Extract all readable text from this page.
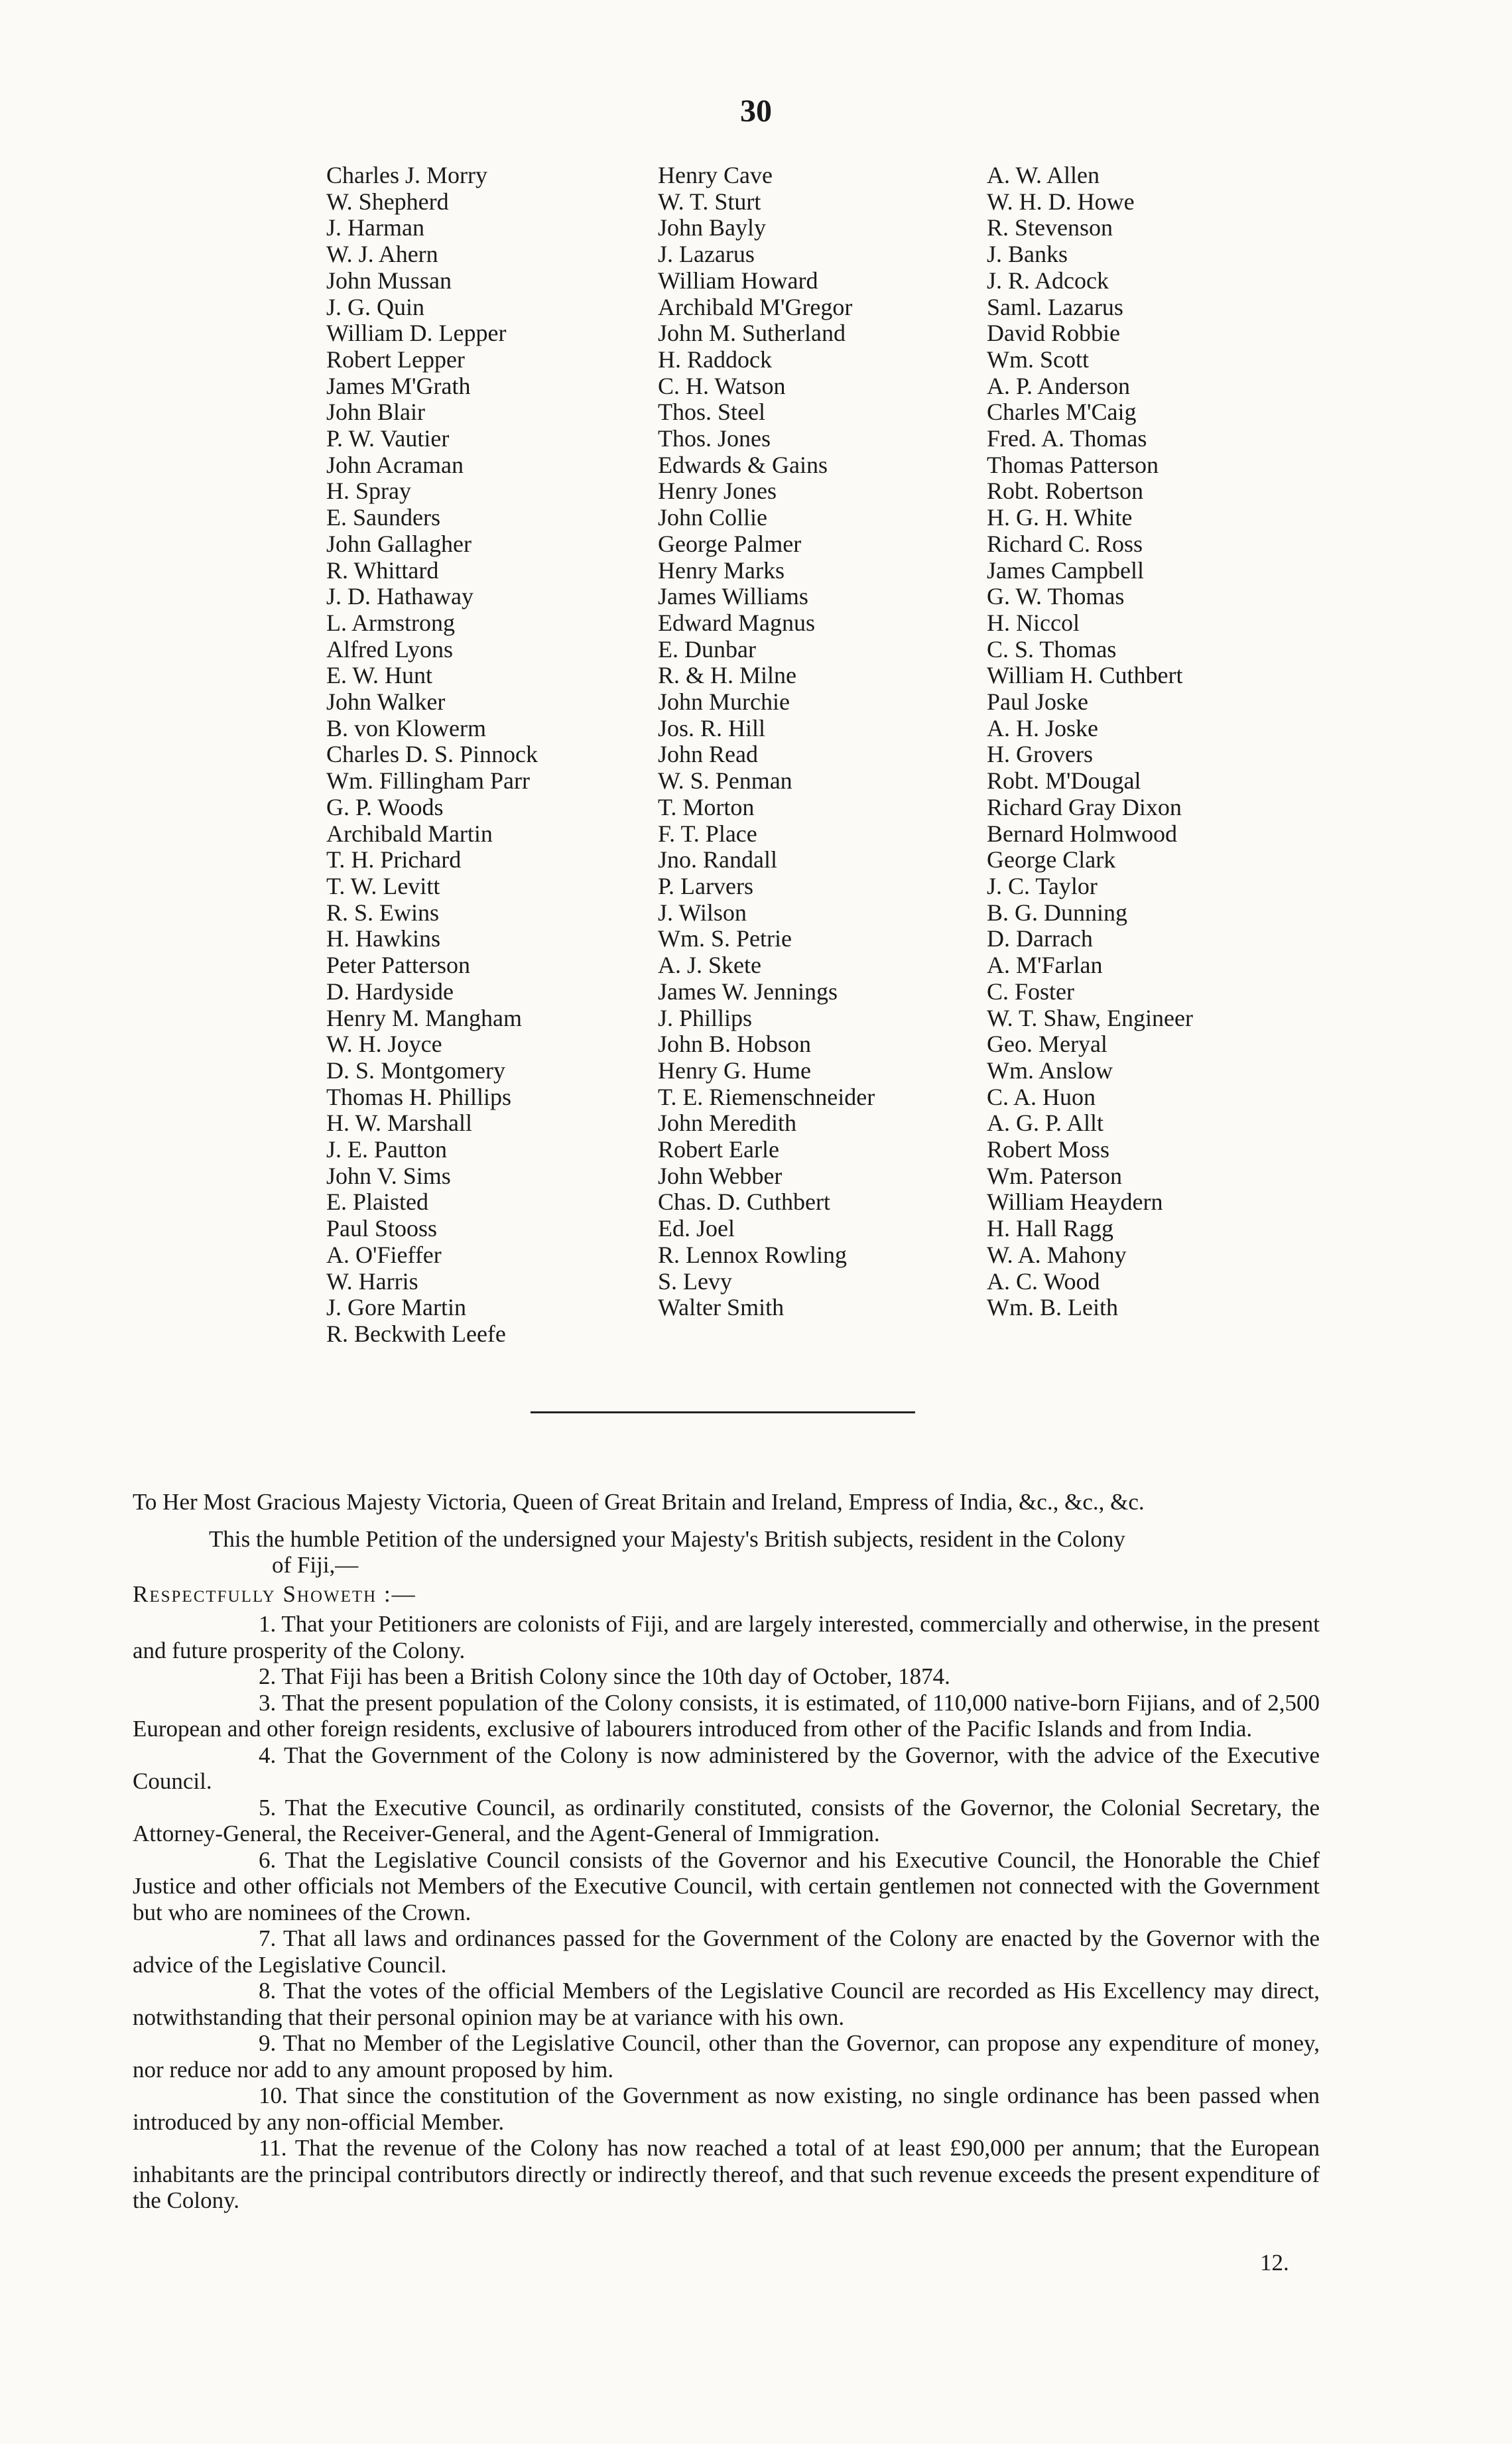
30
Charles J. Morry
W. Shepherd
J. Harman
W. J. Ahern
John Mussan
J. G. Quin
William D. Lepper
Robert Lepper
James M'Grath
John Blair
P. W. Vautier
John Acraman
H. Spray
E. Saunders
John Gallagher
R. Whittard
J. D. Hathaway
L. Armstrong
Alfred Lyons
E. W. Hunt
John Walker
B. von Klowerm
Charles D. S. Pinnock
Wm. Fillingham Parr
G. P. Woods
Archibald Martin
T. H. Prichard
T. W. Levitt
R. S. Ewins
H. Hawkins
Peter Patterson
D. Hardyside
Henry M. Mangham
W. H. Joyce
D. S. Montgomery
Thomas H. Phillips
H. W. Marshall
J. E. Pautton
John V. Sims
E. Plaisted
Paul Stooss
A. O'Fieffer
W. Harris
J. Gore Martin
R. Beckwith Leefe
Henry Cave
W. T. Sturt
John Bayly
J. Lazarus
William Howard
Archibald M'Gregor
John M. Sutherland
H. Raddock
C. H. Watson
Thos. Steel
Thos. Jones
Edwards & Gains
Henry Jones
John Collie
George Palmer
Henry Marks
James Williams
Edward Magnus
E. Dunbar
R. & H. Milne
John Murchie
Jos. R. Hill
John Read
W. S. Penman
T. Morton
F. T. Place
Jno. Randall
P. Larvers
J. Wilson
Wm. S. Petrie
A. J. Skete
James W. Jennings
J. Phillips
John B. Hobson
Henry G. Hume
T. E. Riemenschneider
John Meredith
Robert Earle
John Webber
Chas. D. Cuthbert
Ed. Joel
R. Lennox Rowling
S. Levy
Walter Smith
A. W. Allen
W. H. D. Howe
R. Stevenson
J. Banks
J. R. Adcock
Saml. Lazarus
David Robbie
Wm. Scott
A. P. Anderson
Charles M'Caig
Fred. A. Thomas
Thomas Patterson
Robt. Robertson
H. G. H. White
Richard C. Ross
James Campbell
G. W. Thomas
H. Niccol
C. S. Thomas
William H. Cuthbert
Paul Joske
A. H. Joske
H. Grovers
Robt. M'Dougal
Richard Gray Dixon
Bernard Holmwood
George Clark
J. C. Taylor
B. G. Dunning
D. Darrach
A. M'Farlan
C. Foster
W. T. Shaw, Engineer
Geo. Meryal
Wm. Anslow
C. A. Huon
A. G. P. Allt
Robert Moss
Wm. Paterson
William Heaydern
H. Hall Ragg
W. A. Mahony
A. C. Wood
Wm. B. Leith

To Her Most Gracious Majesty Victoria, Queen of Great Britain and Ireland, Empress of India, &c., &c., &c.

This the humble Petition of the undersigned your Majesty's British subjects, resident in the Colony
of Fiji,—

Respectfully Showeth :—

1. That your Petitioners are colonists of Fiji, and are largely interested, commercially and otherwise, in the present and future prosperity of the Colony.

2. That Fiji has been a British Colony since the 10th day of October, 1874.

3. That the present population of the Colony consists, it is estimated, of 110,000 native-born Fijians, and of 2,500 European and other foreign residents, exclusive of labourers introduced from other of the Pacific Islands and from India.

4. That the Government of the Colony is now administered by the Governor, with the advice of the Executive Council.

5. That the Executive Council, as ordinarily constituted, consists of the Governor, the Colonial Secretary, the Attorney-General, the Receiver-General, and the Agent-General of Immigration.

6. That the Legislative Council consists of the Governor and his Executive Council, the Honorable the Chief Justice and other officials not Members of the Executive Council, with certain gentlemen not connected with the Government but who are nominees of the Crown.

7. That all laws and ordinances passed for the Government of the Colony are enacted by the Governor with the advice of the Legislative Council.

8. That the votes of the official Members of the Legislative Council are recorded as His Excellency may direct, notwithstanding that their personal opinion may be at variance with his own.

9. That no Member of the Legislative Council, other than the Governor, can propose any expenditure of money, nor reduce nor add to any amount proposed by him.

10. That since the constitution of the Government as now existing, no single ordinance has been passed when introduced by any non-official Member.

11. That the revenue of the Colony has now reached a total of at least £90,000 per annum; that the European inhabitants are the principal contributors directly or indirectly thereof, and that such revenue exceeds the present expenditure of the Colony.

12.
